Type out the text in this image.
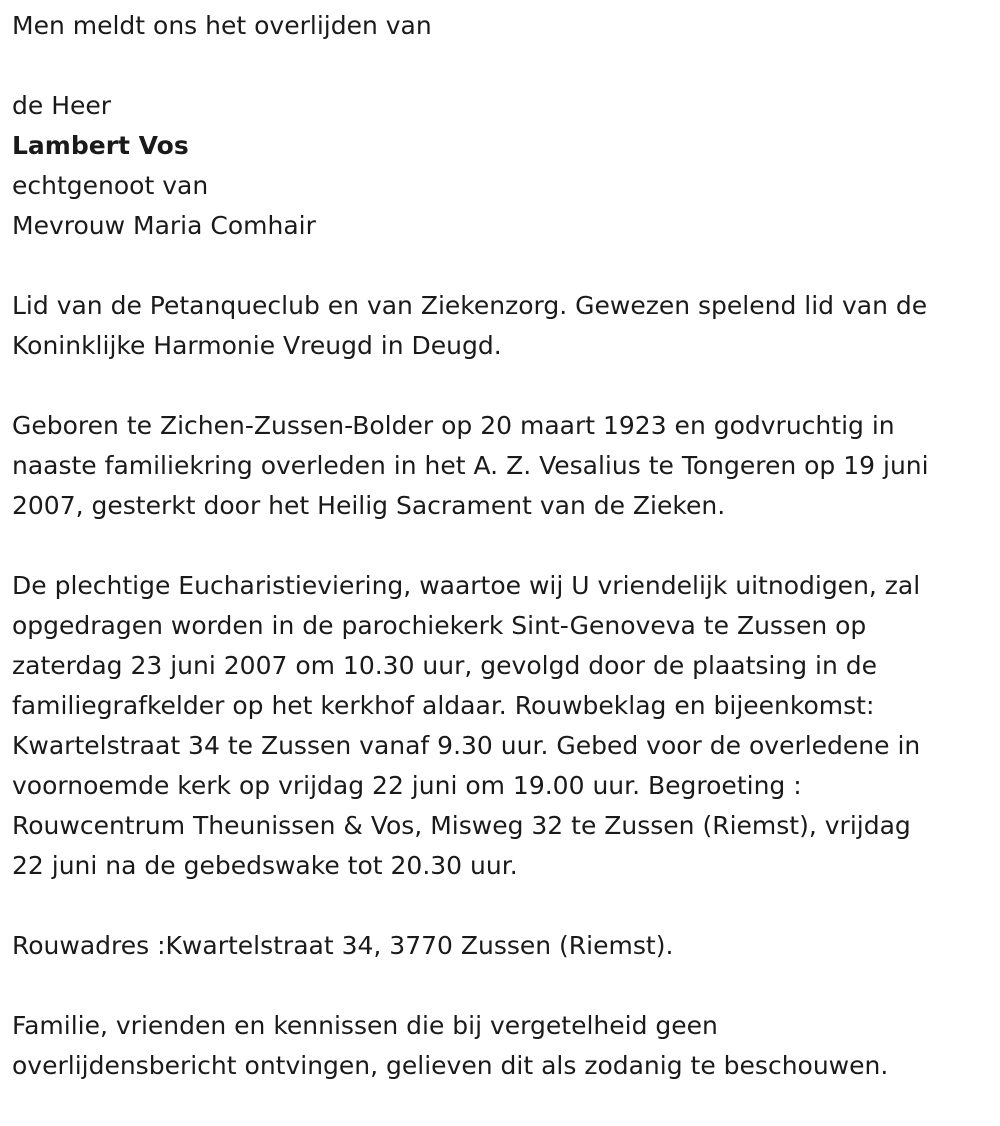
Men meldt ons het overlijden van

de Heer

Lambert Vos

echtgenoot van

Mevrouw Maria Comhair

Lid van de Petanqueclub en van Ziekenzorg. Gewezen spelend lid van de
Koninklijke Harmonie Vreugd in Deugd.

Geboren te Zichen-Zussen-Bolder op 20 maart 1923 en godvruchtig in
naaste familiekring overleden in het A. Z. Vesalius te Tongeren op 19 juni
2007, gesterkt door het Heilig Sacrament van de Zieken.

De plechtige Eucharistieviering, waartoe wij U vriendelijk uitnodigen, zal
opgedragen worden in de parochiekerk Sint-Genoveva te Zussen op
zaterdag 23 juni 2007 om 10.30 uur, gevolgd door de plaatsing in de
familiegrafkelder op het kerkhof aldaar. Rouwbeklag en bijeenkomst:
Kwartelstraat 34 te Zussen vanaf 9.30 uur. Gebed voor de overledene in
voornoemde kerk op vrijdag 22 juni om 19.00 uur. Begroeting :
Rouwcentrum Theunissen & Vos, Misweg 32 te Zussen (Riemst), vrijdag
22 juni na de gebedswake tot 20.30 uur.

Rouwadres :Kwartelstraat 34, 3770 Zussen (Riemst).

Familie, vrienden en kennissen die bij vergetelheid geen
overlijdensbericht ontvingen, gelieven dit als zodanig te beschouwen.
